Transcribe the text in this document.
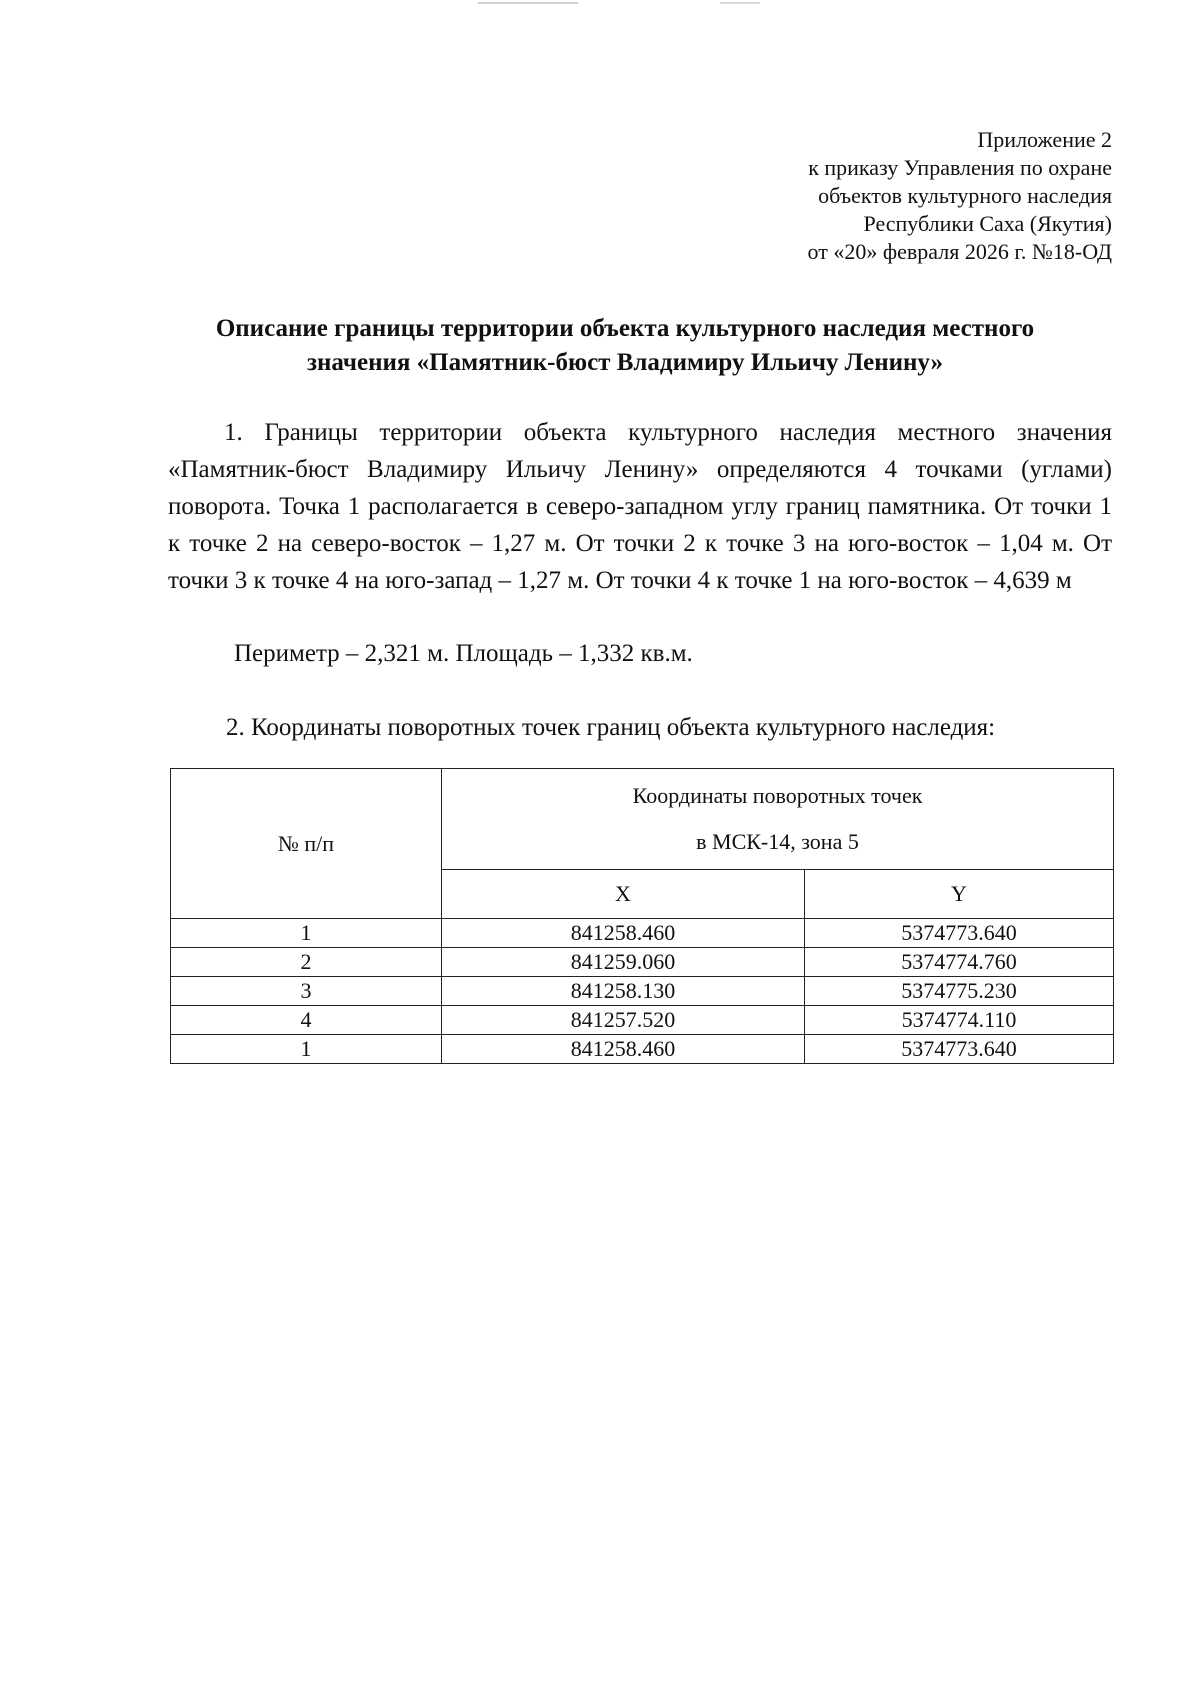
Приложение 2
к приказу Управления по охране
объектов культурного наследия
Республики Саха (Якутия)
от «20» февраля 2026 г. №18-ОД
Описание границы территории объекта культурного наследия местного
значения «Памятник-бюст Владимиру Ильичу Ленину»
1. Границы территории объекта культурного наследия местного значения «Памятник-бюст Владимиру Ильичу Ленину» определяются 4 точками (углами) поворота. Точка 1 располагается в северо-западном углу границ памятника. От точки 1 к точке 2 на северо-восток – 1,27 м. От точки 2 к точке 3 на юго-восток – 1,04 м. От точки 3 к точке 4 на юго-запад – 1,27 м. От точки 4 к точке 1 на юго-восток – 4,639 м
Периметр – 2,321 м. Площадь – 1,332 кв.м.
2. Координаты поворотных точек границ объекта культурного наследия:
№ п/п	Координаты поворотных точек
в МСК-14, зона 5	

	X	Y
1	841258.460	5374773.640
2	841259.060	5374774.760
3	841258.130	5374775.230
4	841257.520	5374774.110
1	841258.460	5374773.640
